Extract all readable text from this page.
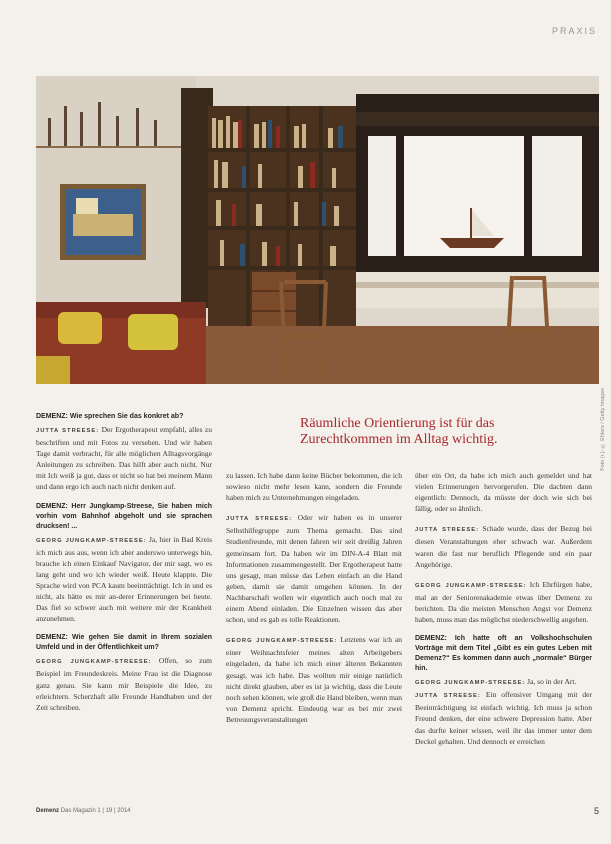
PRAXIS
Foto (r.): © Ehlers / Getty Images
Räumliche Orientierung ist für das Zurechtkommen im Alltag wichtig.
DEMENZ: Wie sprechen Sie das konkret ab?

JUTTA STREESE: Der Ergotherapeut empfahl, alles zu beschriften und mit Fotos zu versehen. Und wir haben Tage damit verbracht, für alle möglichen Alltagsvorgänge Anleitungen zu schreiben. Das hilft aber auch nicht. Nur mit Ich weiß ja gut, dass er nicht so hat bei meinem Mann und dann ergo ich auch nach nicht denken auf.

DEMENZ: Herr Jungkamp-Streese, Sie haben mich vorhin vom Bahnhof abgeholt und sie sprachen drucksen! ...

GEORG JUNGKAMP-STREESE: Ja, hier in Bad Kreis ich mich aus aus, wenn ich aber anderswo unterwegs bin, brauche ich einen Einkauf Navigator, der mir sagt, wo es lang geht und wo ich wieder weiß. Heute klappte. Die Sprache wird von PCA kaum beeinträchtigt. Ich in und es nicht, als hätte es mir an-derer Erinnerungen bei heute. Das fiel so schwer auch mit weitere mir der Krankheit anzunehmen.

DEMENZ: Wie gehen Sie damit in Ihrem sozialen Umfeld und in der Öffentlichkeit um?

GEORG JUNGKAMP-STREESE: Offen, so zum Beispiel im Freundeskreis. Meine Frau ist die Diagnose ganz genau. Sie kann mir Beispiele die Idee, zu erleichtern. Scherzhaft alle Freunde Handhaben und der Zeit schreiben.

zu lassen. Ich habe dann keine Bücher bekommen, die ich sowieso nicht mehr lesen kann, sondern die Freunde haben mich zu Unternehmungen eingeladen.

JUTTA STREESE: Oder wir haben es in unserer Selbsthilfegruppe zum Thema gemacht. Das sind Studienfreunde, mit denen fahren wir seit dreißig Jahren gemeinsam fort. Da haben wir im DIN-A-4 Blatt mit Informationen zusammengestellt. Der Ergotherapeut hatte uns gesagt, man müsse das Leben einfach an die Hand geben, damit sie damit umgehen können. In der Nachbarschaft wollen wir eigentlich auch noch mal zu einem Abend einladen. Die Einzelnen wissen das aber schon, und es gab es tolle Reaktionen.

GEORG JUNGKAMP-STREESE: Letztens war ich an einer Weihnachtsfeier meines alten Arbeitgebers eingeladen, da habe ich mich einer älteren Bekannten gesagt, was ich habe. Das wollten mir einige natürlich nicht direkt glauben, aber es ist ja wichtig, dass die Leute noch sehen können, wie groß die Hand bleiben, wenn man von Demenz spricht. Eindeutig war es bei mir zwei Betreuungsveranstaltungen

über ein Ort, da habe ich mich auch gemeldet und hat vielen Erinnerungen hervorgerufen. Die dachten dann eigentlich: Dennoch, da müsste der doch wie sich bei fällig, oder so ähnlich.

JUTTA STREESE: Schade wurde, dass der Bezug bei diesen Veranstaltungen eher schwach war. Außerdem waren die fast nur beruflich Pflegende und ein paar Angehörige.

GEORG JUNGKAMP-STREESE: Ich Ehrfürgen habe, mal an der Seniorenakademie etwas über Demenz zu berichten. Da die meisten Menschen Angst vor Demenz haben, muss man das möglichst niederschwellig angehen.

DEMENZ: Ich hatte oft an Volkshochschulen Vorträge mit dem Titel „Gibt es ein gutes Leben mit Demenz?“ Es kommen dann auch „normale“ Bürger hin.

GEORG JUNGKAMP-STREESE: Ja, so in der Art.
JUTTA STREESE: Ein offensiver Umgang mit der Beeinträchtigung ist einfach wichtig. Ich muss ja schon Freund denken, der eine schwere Depression hatte. Aber das durfte keiner wissen, weil ihr das immer unter dem Deckel gehalten. Und dennoch er erreichen

Demenz Das Magazin 1 | 19 | 2014	5
